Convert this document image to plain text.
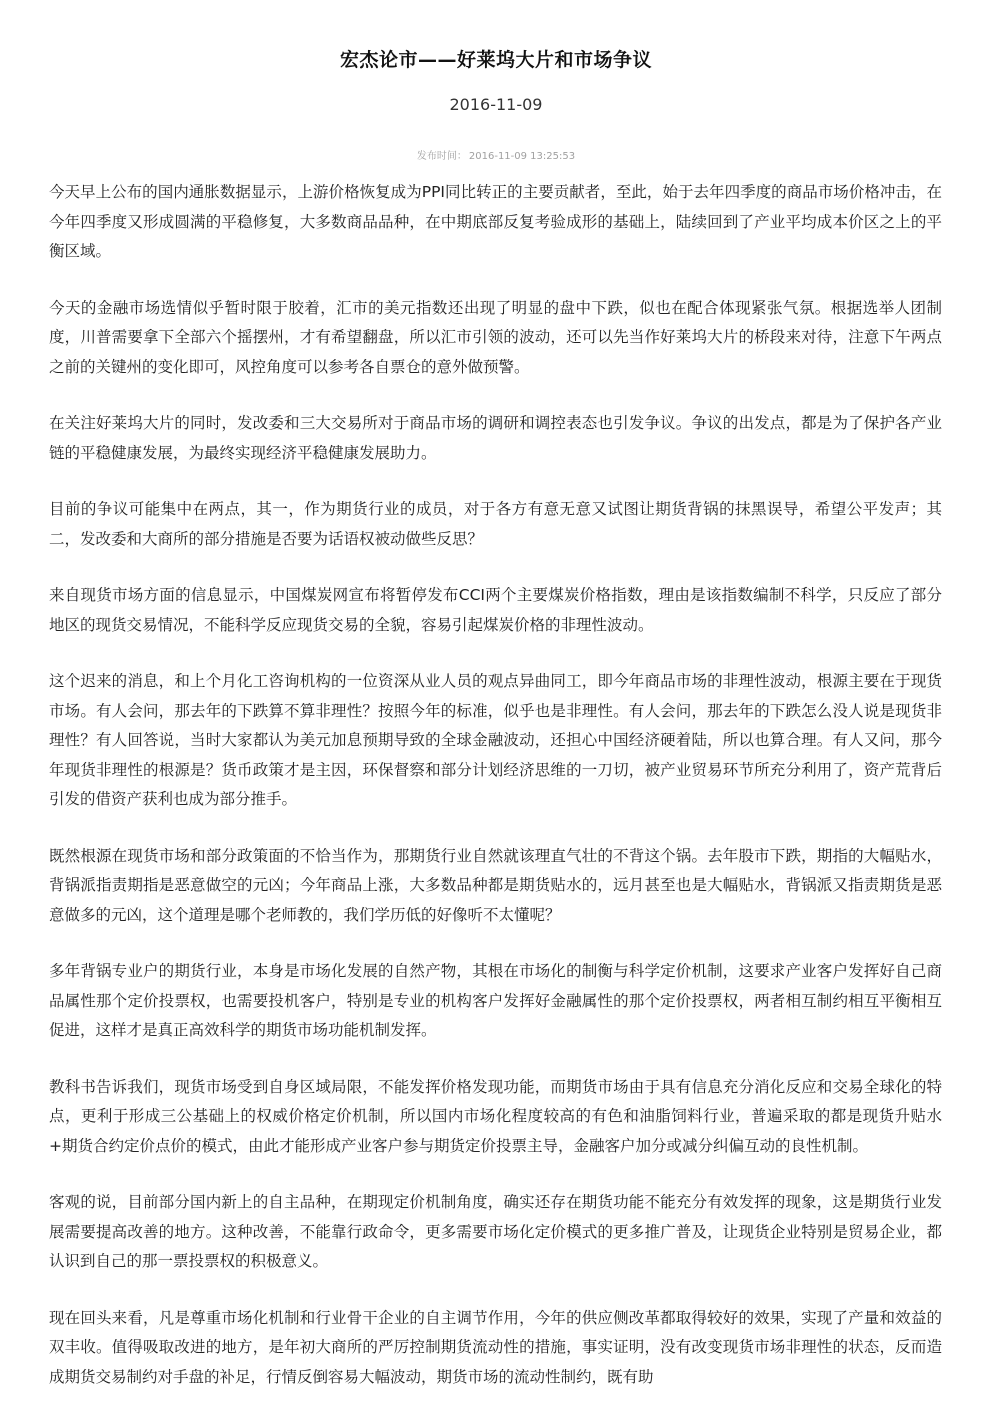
宏杰论市——好莱坞大片和市场争议
2016-11-09
发布时间： 2016-11-09 13:25:53

今天早上公布的国内通胀数据显示，上游价格恢复成为PPI同比转正的主要贡献者，至此，始于去年四季度的商品市场价格冲击，在今年四季度又形成圆满的平稳修复，大多数商品品种，在中期底部反复考验成形的基础上，陆续回到了产业平均成本价区之上的平衡区域。

今天的金融市场选情似乎暂时限于胶着，汇市的美元指数还出现了明显的盘中下跌，似也在配合体现紧张气氛。根据选举人团制度，川普需要拿下全部六个摇摆州，才有希望翻盘，所以汇市引领的波动，还可以先当作好莱坞大片的桥段来对待，注意下午两点之前的关键州的变化即可，风控角度可以参考各自票仓的意外做预警。

在关注好莱坞大片的同时，发改委和三大交易所对于商品市场的调研和调控表态也引发争议。争议的出发点，都是为了保护各产业链的平稳健康发展，为最终实现经济平稳健康发展助力。

目前的争议可能集中在两点，其一，作为期货行业的成员，对于各方有意无意又试图让期货背锅的抹黑误导，希望公平发声；其二，发改委和大商所的部分措施是否要为话语权被动做些反思？

来自现货市场方面的信息显示，中国煤炭网宣布将暂停发布CCI两个主要煤炭价格指数，理由是该指数编制不科学，只反应了部分地区的现货交易情况，不能科学反应现货交易的全貌，容易引起煤炭价格的非理性波动。

这个迟来的消息，和上个月化工咨询机构的一位资深从业人员的观点异曲同工，即今年商品市场的非理性波动，根源主要在于现货市场。有人会问，那去年的下跌算不算非理性？按照今年的标准，似乎也是非理性。有人会问，那去年的下跌怎么没人说是现货非理性？有人回答说，当时大家都认为美元加息预期导致的全球金融波动，还担心中国经济硬着陆，所以也算合理。有人又问，那今年现货非理性的根源是？货币政策才是主因，环保督察和部分计划经济思维的一刀切，被产业贸易环节所充分利用了，资产荒背后引发的借资产获利也成为部分推手。

既然根源在现货市场和部分政策面的不恰当作为，那期货行业自然就该理直气壮的不背这个锅。去年股市下跌，期指的大幅贴水，背锅派指责期指是恶意做空的元凶；今年商品上涨，大多数品种都是期货贴水的，远月甚至也是大幅贴水，背锅派又指责期货是恶意做多的元凶，这个道理是哪个老师教的，我们学历低的好像听不太懂呢？

多年背锅专业户的期货行业，本身是市场化发展的自然产物，其根在市场化的制衡与科学定价机制，这要求产业客户发挥好自己商品属性那个定价投票权，也需要投机客户，特别是专业的机构客户发挥好金融属性的那个定价投票权，两者相互制约相互平衡相互促进，这样才是真正高效科学的期货市场功能机制发挥。

教科书告诉我们，现货市场受到自身区域局限，不能发挥价格发现功能，而期货市场由于具有信息充分消化反应和交易全球化的特点，更利于形成三公基础上的权威价格定价机制，所以国内市场化程度较高的有色和油脂饲料行业，普遍采取的都是现货升贴水+期货合约定价点价的模式，由此才能形成产业客户参与期货定价投票主导，金融客户加分或减分纠偏互动的良性机制。

客观的说，目前部分国内新上的自主品种，在期现定价机制角度，确实还存在期货功能不能充分有效发挥的现象，这是期货行业发展需要提高改善的地方。这种改善，不能靠行政命令，更多需要市场化定价模式的更多推广普及，让现货企业特别是贸易企业，都认识到自己的那一票投票权的积极意义。

现在回头来看，凡是尊重市场化机制和行业骨干企业的自主调节作用，今年的供应侧改革都取得较好的效果，实现了产量和效益的双丰收。值得吸取改进的地方，是年初大商所的严厉控制期货流动性的措施，事实证明，没有改变现货市场非理性的状态，反而造成期货交易制约对手盘的补足，行情反倒容易大幅波动，期货市场的流动性制约，既有助
